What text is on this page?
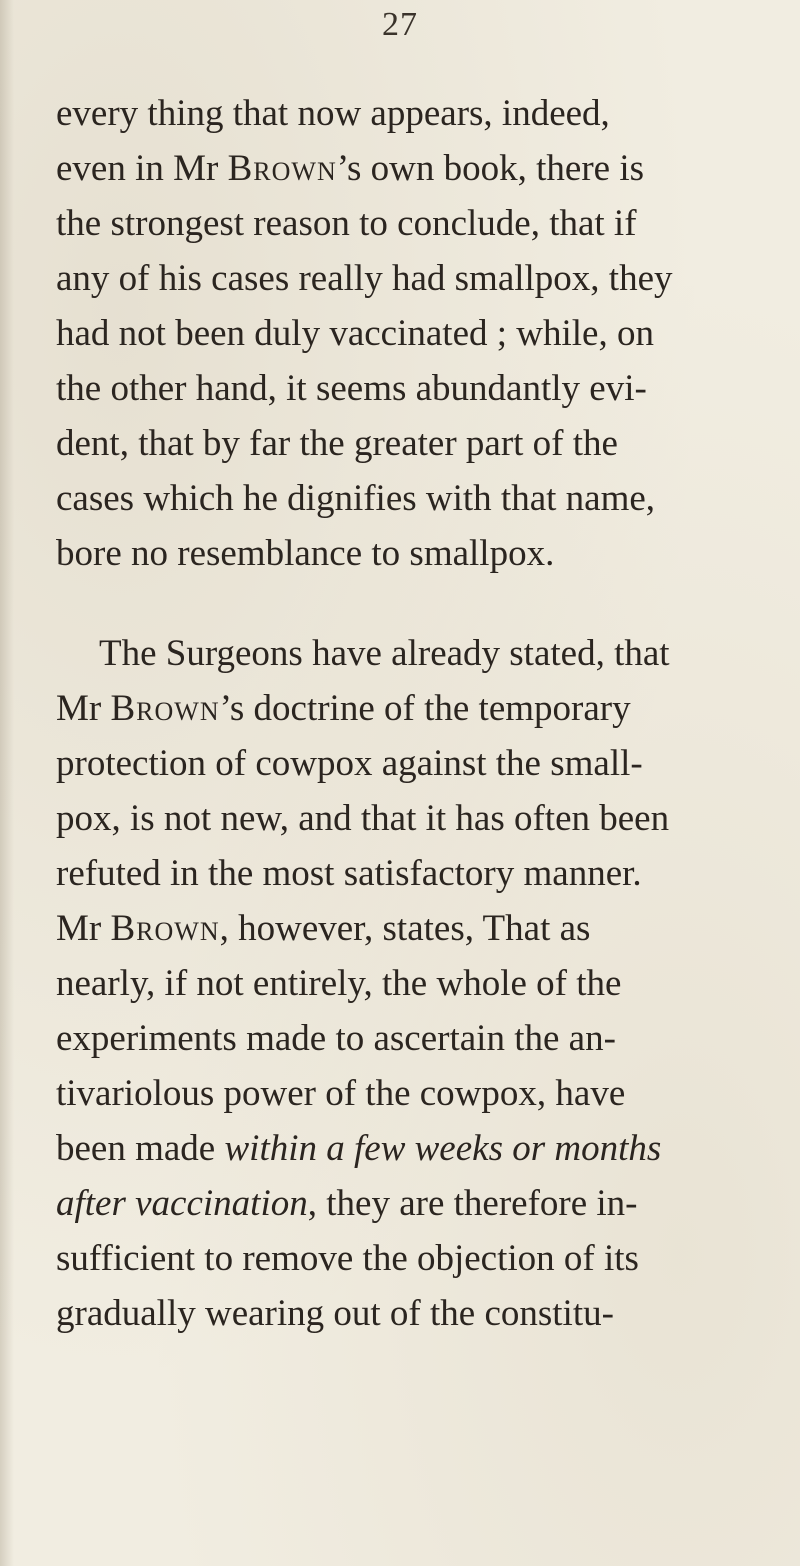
27
every thing that now appears, indeed,
even in Mr Brown’s own book, there is
the strongest reason to conclude, that if
any of his cases really had smallpox, they
had not been duly vaccinated ; while, on
the other hand, it seems abundantly evi-
dent, that by far the greater part of the
cases which he dignifies with that name,
bore no resemblance to smallpox.
The Surgeons have already stated, that
Mr Brown’s doctrine of the temporary
protection of cowpox against the small-
pox, is not new, and that it has often been
refuted in the most satisfactory manner.
Mr Brown, however, states, That as
nearly, if not entirely, the whole of the
experiments made to ascertain the an-
tivariolous power of the cowpox, have
been made within a few weeks or months
after vaccination, they are therefore in-
sufficient to remove the objection of its
gradually wearing out of the constitu-
